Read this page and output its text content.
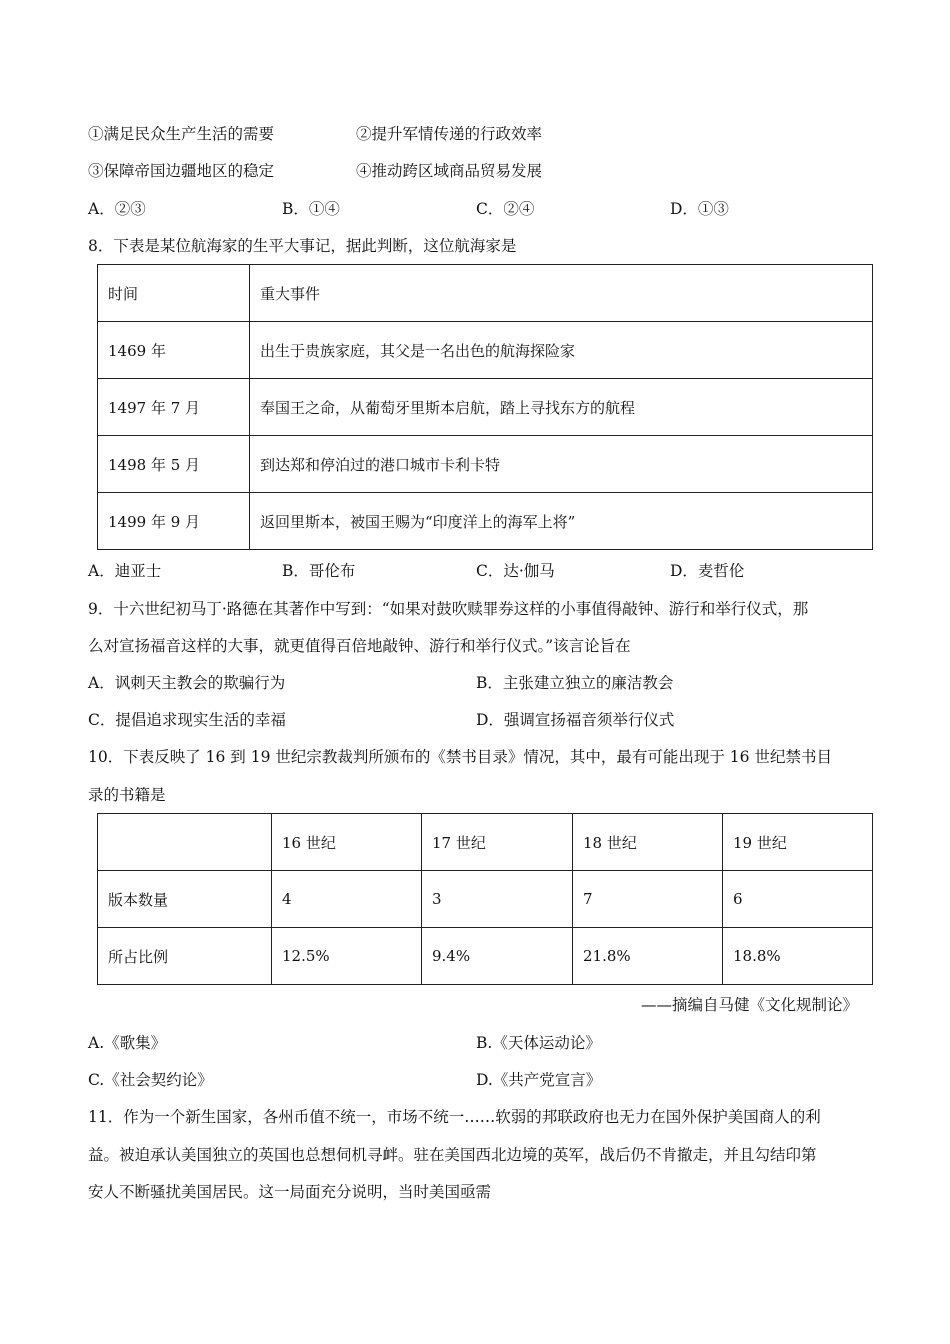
①满足民众生产生活的需要	②提升军情传递的行政效率
③保障帝国边疆地区的稳定	④推动跨区域商品贸易发展
A．②③	B．①④	C．②④	D．①③
8．下表是某位航海家的生平大事记，据此判断，这位航海家是
时间	重大事件
1469 年	出生于贵族家庭，其父是一名出色的航海探险家
1497 年 7 月	奉国王之命，从葡萄牙里斯本启航，踏上寻找东方的航程
1498 年 5 月	到达郑和停泊过的港口城市卡利卡特
1499 年 9 月	返回里斯本，被国王赐为“印度洋上的海军上将”
A．迪亚士	B．哥伦布	C．达·伽马	D．麦哲伦
9．十六世纪初马丁·路德在其著作中写到：“如果对鼓吹赎罪券这样的小事值得敲钟、游行和举行仪式，那
么对宣扬福音这样的大事，就更值得百倍地敲钟、游行和举行仪式。”该言论旨在
A．讽刺天主教会的欺骗行为	B．主张建立独立的廉洁教会
C．提倡追求现实生活的幸福	D．强调宣扬福音须举行仪式
10．下表反映了 16 到 19 世纪宗教裁判所颁布的《禁书目录》情况，其中，最有可能出现于 16 世纪禁书目
录的书籍是
	16 世纪	17 世纪	18 世纪	19 世纪
版本数量	4	3	7	6
所占比例	12.5%	9.4%	21.8%	18.8%
——摘编自马健《文化规制论》
A.《歌集》	B.《天体运动论》
C.《社会契约论》	D.《共产党宣言》
11．作为一个新生国家，各州币值不统一，市场不统一……软弱的邦联政府也无力在国外保护美国商人的利
益。被迫承认美国独立的英国也总想伺机寻衅。驻在美国西北边境的英军，战后仍不肯撤走，并且勾结印第
安人不断骚扰美国居民。这一局面充分说明，当时美国亟需
